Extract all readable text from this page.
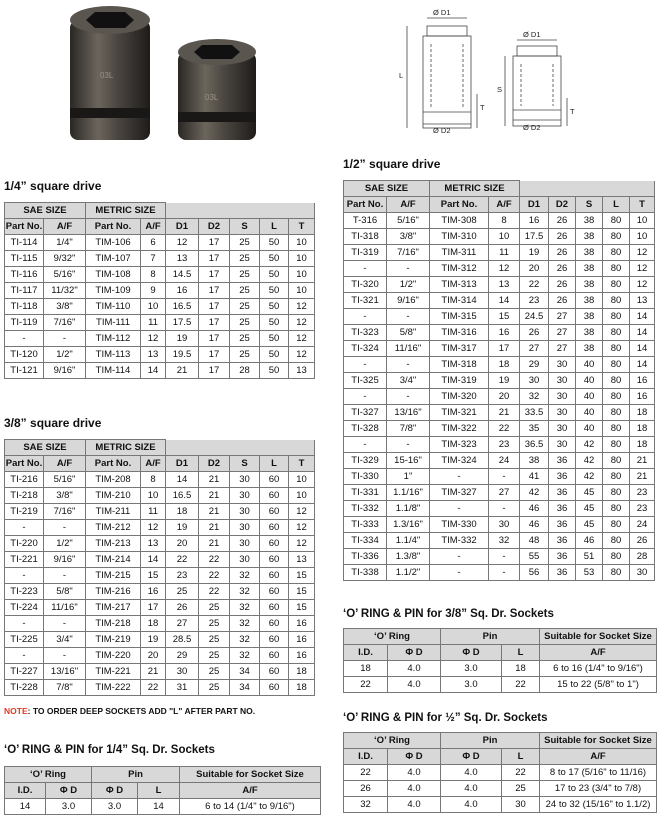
03L
03L
Ø D1
Ø D2
L
T
Ø D1
Ø D2
S
T
1/4” square drive
3/8” square drive
1/2” square drive
SAE SIZE		METRIC SIZE						
Part No.	A/F	Part No.	A/F	D1	D2	S	L	T
TI-114	1/4"	TIM-106	6	12	17	25	50	10
TI-115	9/32"	TIM-107	7	13	17	25	50	10
TI-116	5/16"	TIM-108	8	14.5	17	25	50	10
TI-117	11/32"	TIM-109	9	16	17	25	50	10
TI-118	3/8"	TIM-110	10	16.5	17	25	50	12
TI-119	7/16"	TIM-111	11	17.5	17	25	50	12
-	-	TIM-112	12	19	17	25	50	12
TI-120	1/2"	TIM-113	13	19.5	17	25	50	12
TI-121	9/16"	TIM-114	14	21	17	28	50	13
SAE SIZE		METRIC SIZE						
Part No.	A/F	Part No.	A/F	D1	D2	S	L	T
TI-216	5/16"	TIM-208	8	14	21	30	60	10
TI-218	3/8"	TIM-210	10	16.5	21	30	60	10
TI-219	7/16"	TIM-211	11	18	21	30	60	12
-	-	TIM-212	12	19	21	30	60	12
TI-220	1/2"	TIM-213	13	20	21	30	60	12
TI-221	9/16"	TIM-214	14	22	22	30	60	13
-	-	TIM-215	15	23	22	32	60	15
TI-223	5/8"	TIM-216	16	25	22	32	60	15
TI-224	11/16"	TIM-217	17	26	25	32	60	15
-	-	TIM-218	18	27	25	32	60	16
TI-225	3/4"	TIM-219	19	28.5	25	32	60	16
-	-	TIM-220	20	29	25	32	60	16
TI-227	13/16"	TIM-221	21	30	25	34	60	18
TI-228	7/8"	TIM-222	22	31	25	34	60	18
SAE SIZE		METRIC SIZE						
Part No.	A/F	Part No.	A/F	D1	D2	S	L	T
T-316	5/16"	TIM-308	8	16	26	38	80	10
TI-318	3/8"	TIM-310	10	17.5	26	38	80	10
TI-319	7/16"	TIM-311	11	19	26	38	80	12
-	-	TIM-312	12	20	26	38	80	12
TI-320	1/2"	TIM-313	13	22	26	38	80	12
TI-321	9/16"	TIM-314	14	23	26	38	80	13
-	-	TIM-315	15	24.5	27	38	80	14
TI-323	5/8"	TIM-316	16	26	27	38	80	14
TI-324	11/16"	TIM-317	17	27	27	38	80	14
-	-	TIM-318	18	29	30	40	80	14
TI-325	3/4"	TIM-319	19	30	30	40	80	16
-	-	TIM-320	20	32	30	40	80	16
TI-327	13/16"	TIM-321	21	33.5	30	40	80	18
TI-328	7/8"	TIM-322	22	35	30	40	80	18
-	-	TIM-323	23	36.5	30	42	80	18
TI-329	15-16"	TIM-324	24	38	36	42	80	21
TI-330	1"	-	-	41	36	42	80	21
TI-331	1.1/16"	TIM-327	27	42	36	45	80	23
TI-332	1.1/8"	-	-	46	36	45	80	23
TI-333	1.3/16"	TIM-330	30	46	36	45	80	24
TI-334	1.1/4"	TIM-332	32	48	36	46	80	26
TI-336	1.3/8"	-	-	55	36	51	80	28
TI-338	1.1/2"	-	-	56	36	53	80	30
NOTE: TO ORDER DEEP SOCKETS ADD "L" AFTER PART NO.
‘O’ RING & PIN for 1/4” Sq. Dr. Sockets
‘O’ Ring		Pin		Suitable for Socket Size
I.D.	Φ D	Φ D	L	A/F
14	3.0	3.0	14	6 to 14 (1/4" to 9/16")
‘O’ RING & PIN for 3/8” Sq. Dr. Sockets
‘O’ Ring		Pin		Suitable for Socket Size
I.D.	Φ D	Φ D	L	A/F
18	4.0	3.0	18	6 to 16 (1/4" to 9/16")
22	4.0	3.0	22	15 to 22 (5/8" to 1")
‘O’ RING & PIN for ½” Sq. Dr. Sockets
‘O’ Ring		Pin		Suitable for Socket Size
I.D.	Φ D	Φ D	L	A/F
22	4.0	4.0	22	8 to 17 (5/16" to 11/16)
26	4.0	4.0	25	17 to 23 (3/4" to 7/8)
32	4.0	4.0	30	24 to 32 (15/16" to 1.1/2)
